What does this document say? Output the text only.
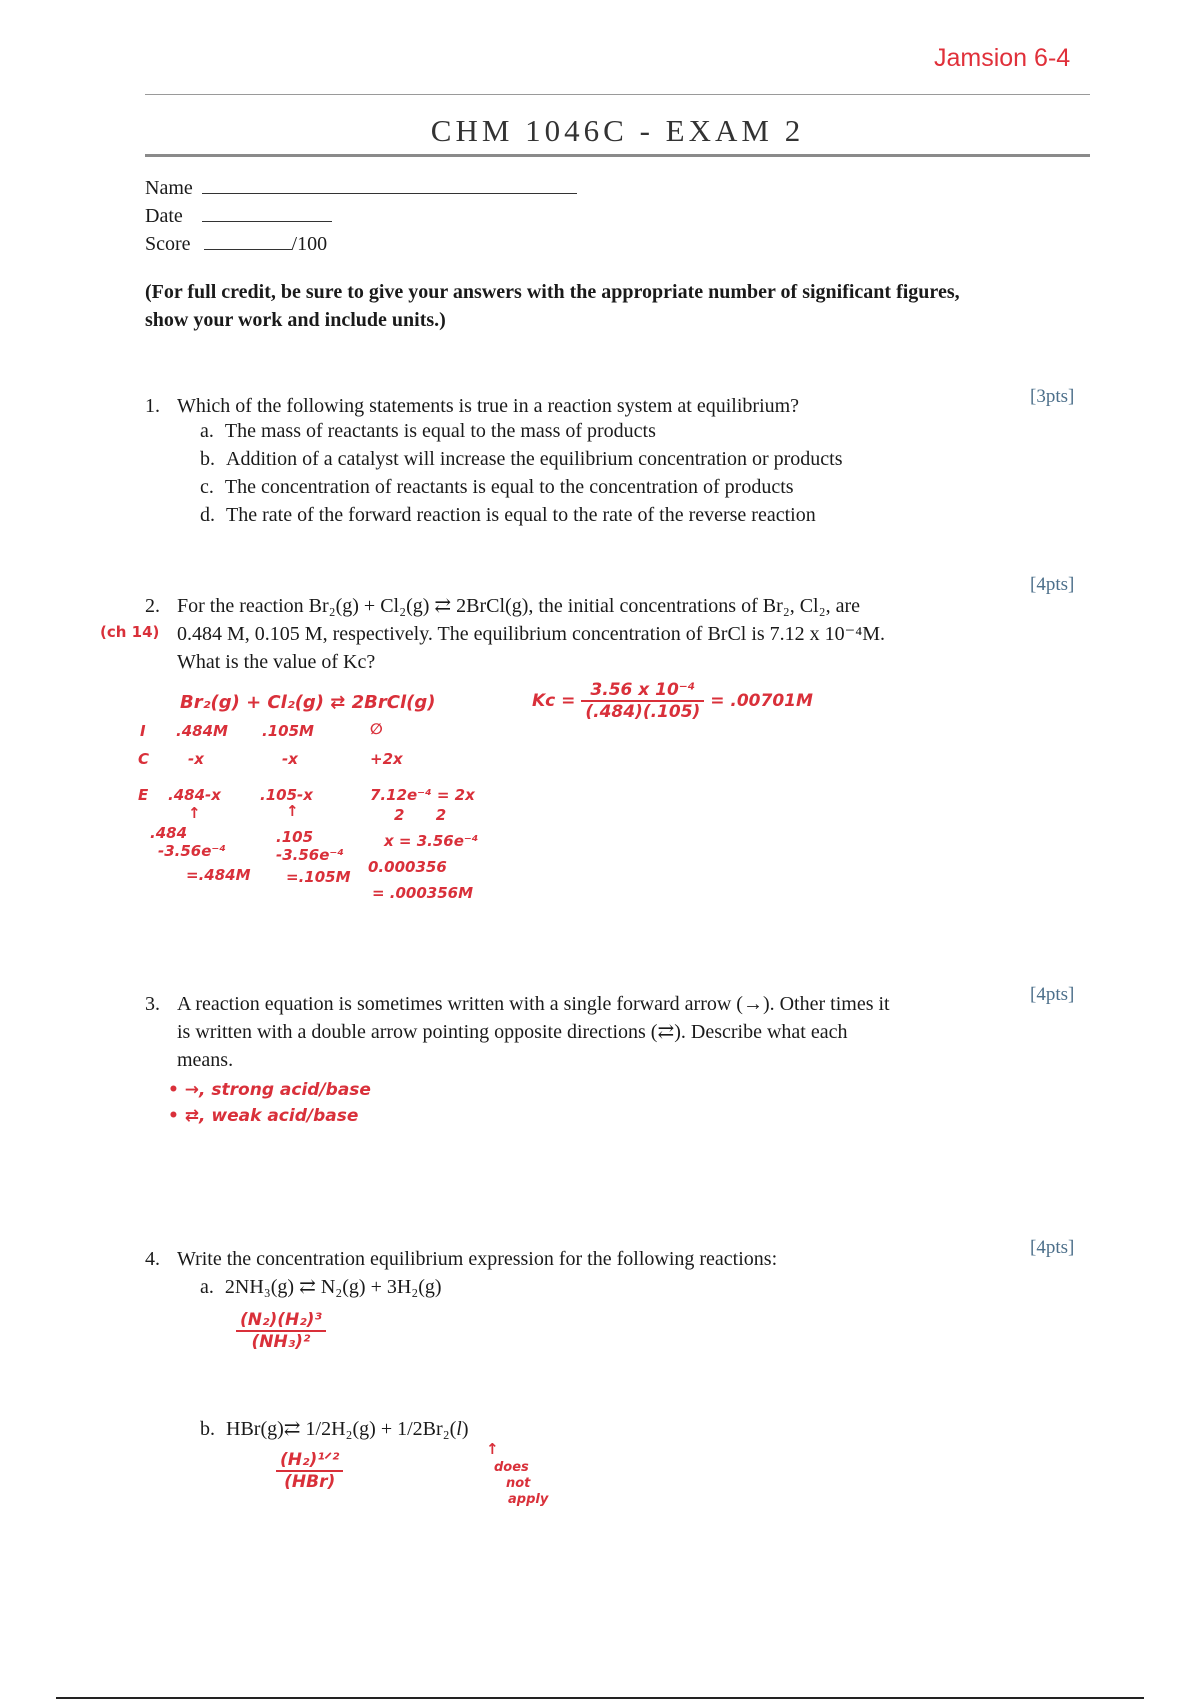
Jamsion 6-4
CHM 1046C - EXAM 2
Name
Date
Score	/100
(For full credit, be sure to give your answers with the appropriate number of significant figures, show your work and include units.)
1. Which of the following statements is true in a reaction system at equilibrium?	[3pts]
a. The mass of reactants is equal to the mass of products
b. Addition of a catalyst will increase the equilibrium concentration or products
c. The concentration of reactants is equal to the concentration of products
d. The rate of the forward reaction is equal to the rate of the reverse reaction
[4pts]
2. For the reaction Br₂(g) + Cl₂(g) ⇄ 2BrCl(g), the initial concentrations of Br₂, Cl₂, are
(ch 14) 0.484 M, 0.105 M, respectively. The equilibrium concentration of BrCl is 7.12 x 10⁻⁴M.
What is the value of Kc?
Br₂(g) + Cl₂(g) ⇄ 2BrCl(g)
I .484M .105M	∅
C	-x	-x	+2x
E .484-x	.105-x	7.12e⁻⁴ = 2x
2      2
↑	↑
.484
-3.56e⁻⁴
=.484M
.105
-3.56e⁻⁴
=.105M
x = 3.56e⁻⁴
0.000356
= .000356M
$Kc = \frac{\text{3.56 x 10⁻⁴}}{(.484)(.105)} = .00701M$
[4pts]
3. A reaction equation is sometimes written with a single forward arrow (→). Other times it
is written with a double arrow pointing opposite directions (⇄). Describe what each
means.
• →, strong acid/base
• ⇄, weak acid/base
[4pts]
4. Write the concentration equilibrium expression for the following reactions:
a. 2NH₃(g) ⇄ N₂(g) + 3H₂(g)
$\frac{\text{(N₂)(H₂)³}}{\text{(NH₃)²}}$
b. HBr(g)⇄ 1/2H₂(g) + 1/2Br₂(l)
$\frac{\text{(H₂)¹ᐟ²}}{\text{(HBr)}}$
↑
does
not
apply
